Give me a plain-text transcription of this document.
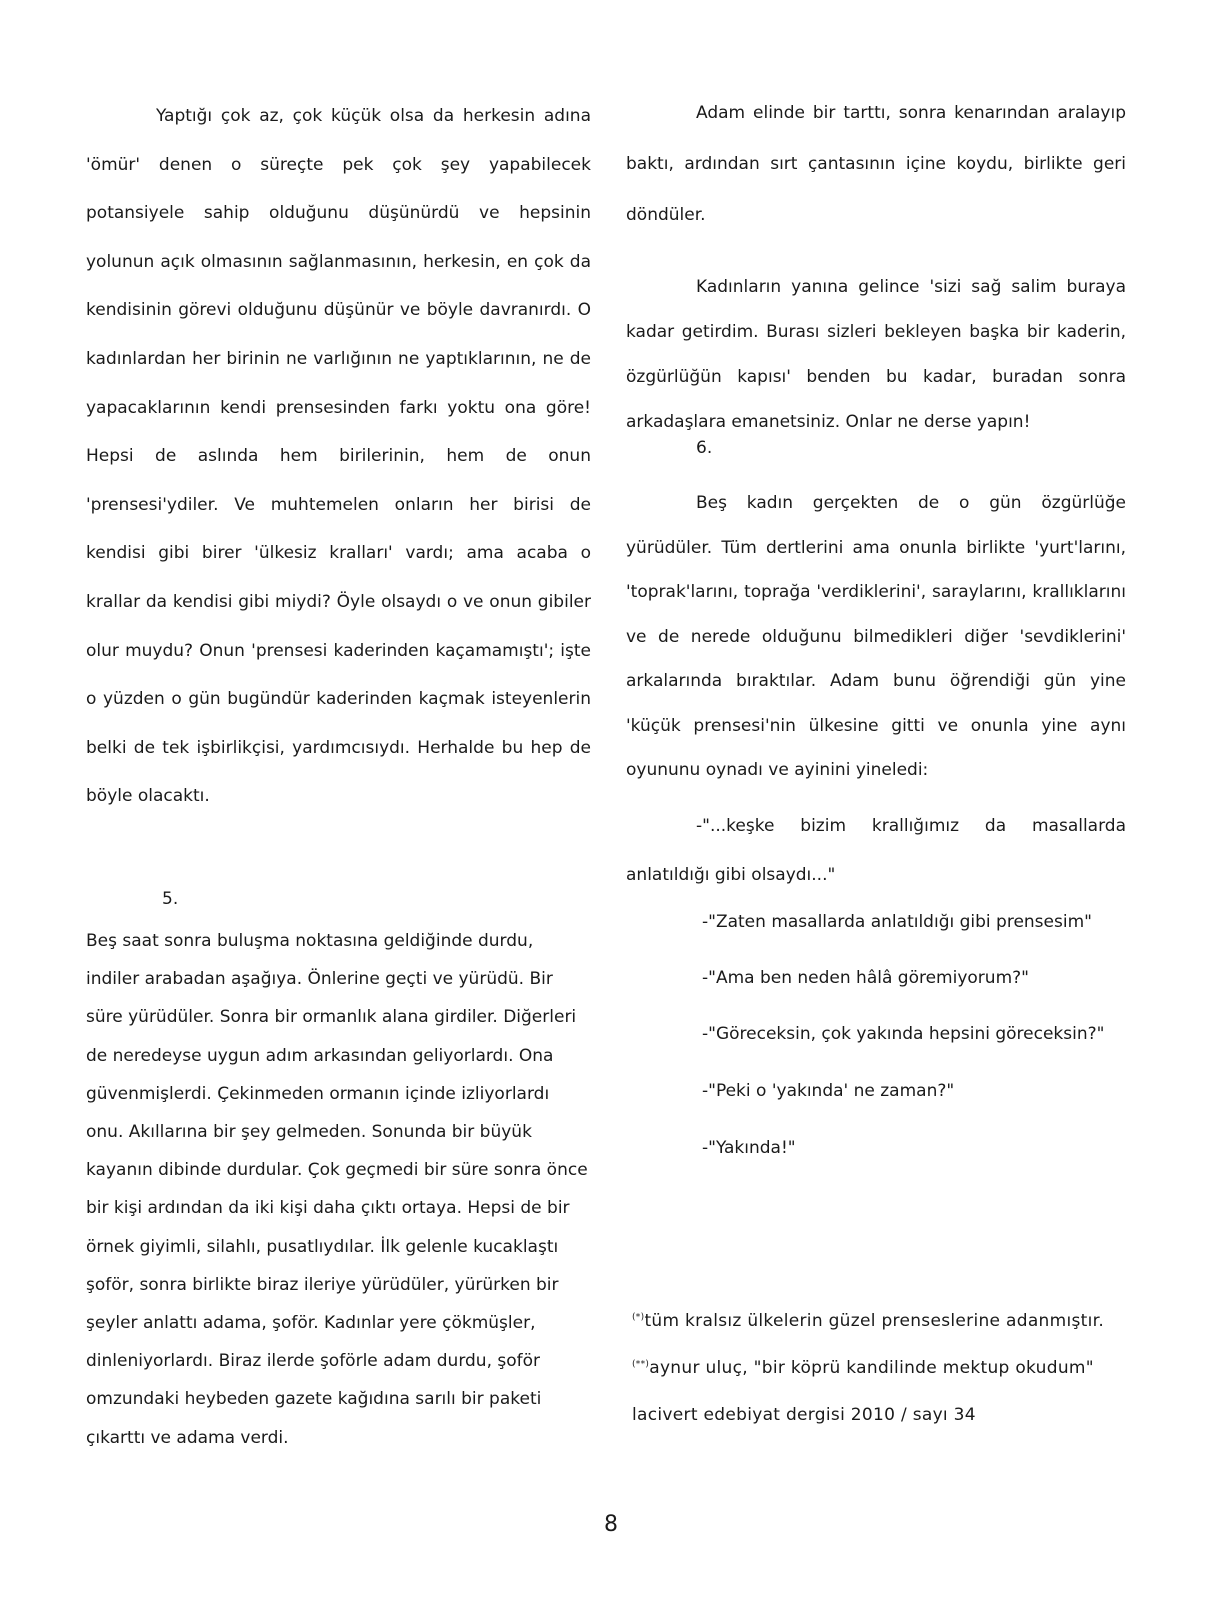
Yaptığı çok az, çok küçük olsa da herkesin adına 'ömür' denen o süreçte pek çok şey yapabilecek potansiyele sahip olduğunu düşünürdü ve hepsinin yolunun açık olmasının sağlanmasının, herkesin, en çok da kendisinin görevi olduğunu düşünür ve böyle davranırdı. O kadınlardan her birinin ne varlığının ne yaptıklarının, ne de yapacaklarının kendi prensesinden farkı yoktu ona göre! Hepsi de aslında hem birilerinin, hem de onun 'prensesi'ydiler. Ve muhtemelen onların her birisi de kendisi gibi birer 'ülkesiz kralları' vardı; ama acaba o krallar da kendisi gibi miydi? Öyle olsaydı o ve onun gibiler olur muydu? Onun 'prensesi kaderinden kaçamamıştı'; işte o yüzden o gün bugündür kaderinden kaçmak isteyenlerin belki de tek işbirlikçisi, yardımcısıydı. Herhalde bu hep de böyle olacaktı.

5.

Beş saat sonra buluşma noktasına geldiğinde durdu, indiler arabadan aşağıya. Önlerine geçti ve yürüdü. Bir süre yürüdüler. Sonra bir ormanlık alana girdiler. Diğerleri de neredeyse uygun adım arkasından geliyorlardı. Ona güvenmişlerdi. Çekinmeden ormanın içinde izliyorlardı onu. Akıllarına bir şey gelmeden. Sonunda bir büyük kayanın dibinde durdular. Çok geçmedi bir süre sonra önce bir kişi ardından da iki kişi daha çıktı ortaya. Hepsi de bir örnek giyimli, silahlı, pusatlıydılar. İlk gelenle kucaklaştı şoför, sonra birlikte biraz ileriye yürüdüler, yürürken bir şeyler anlattı adama, şoför. Kadınlar yere çökmüşler, dinleniyorlardı. Biraz ilerde şoförle adam durdu, şoför omzundaki heybeden gazete kağıdına sarılı bir paketi çıkarttı ve adama verdi.

Adam elinde bir tarttı, sonra kenarından aralayıp baktı, ardından sırt çantasının içine koydu, birlikte geri döndüler.

Kadınların yanına gelince 'sizi sağ salim buraya kadar getirdim. Burası sizleri bekleyen başka bir kaderin, özgürlüğün kapısı' benden bu kadar, buradan sonra arkadaşlara emanetsiniz. Onlar ne derse yapın!

6.

Beş kadın gerçekten de o gün özgürlüğe yürüdüler. Tüm dertlerini ama onunla birlikte 'yurt'larını, 'toprak'larını, toprağa 'verdiklerini', saraylarını, krallıklarını ve de nerede olduğunu bilmedikleri diğer 'sevdiklerini' arkalarında bıraktılar. Adam bunu öğrendiği gün yine 'küçük prensesi'nin ülkesine gitti ve onunla yine aynı oyununu oynadı ve ayinini yineledi:

-"...keşke bizim krallığımız da masallarda anlatıldığı gibi olsaydı..."

-"Zaten masallarda anlatıldığı gibi prensesim"
-"Ama ben neden hâlâ göremiyorum?"
-"Göreceksin, çok yakında hepsini göreceksin?"
-"Peki o 'yakında' ne zaman?"
-"Yakında!"

(*)tüm kralsız ülkelerin güzel prenseslerine adanmıştır.

(**)aynur uluç, "bir köprü kandilinde mektup okudum" lacivert edebiyat dergisi 2010 / sayı 34

8
